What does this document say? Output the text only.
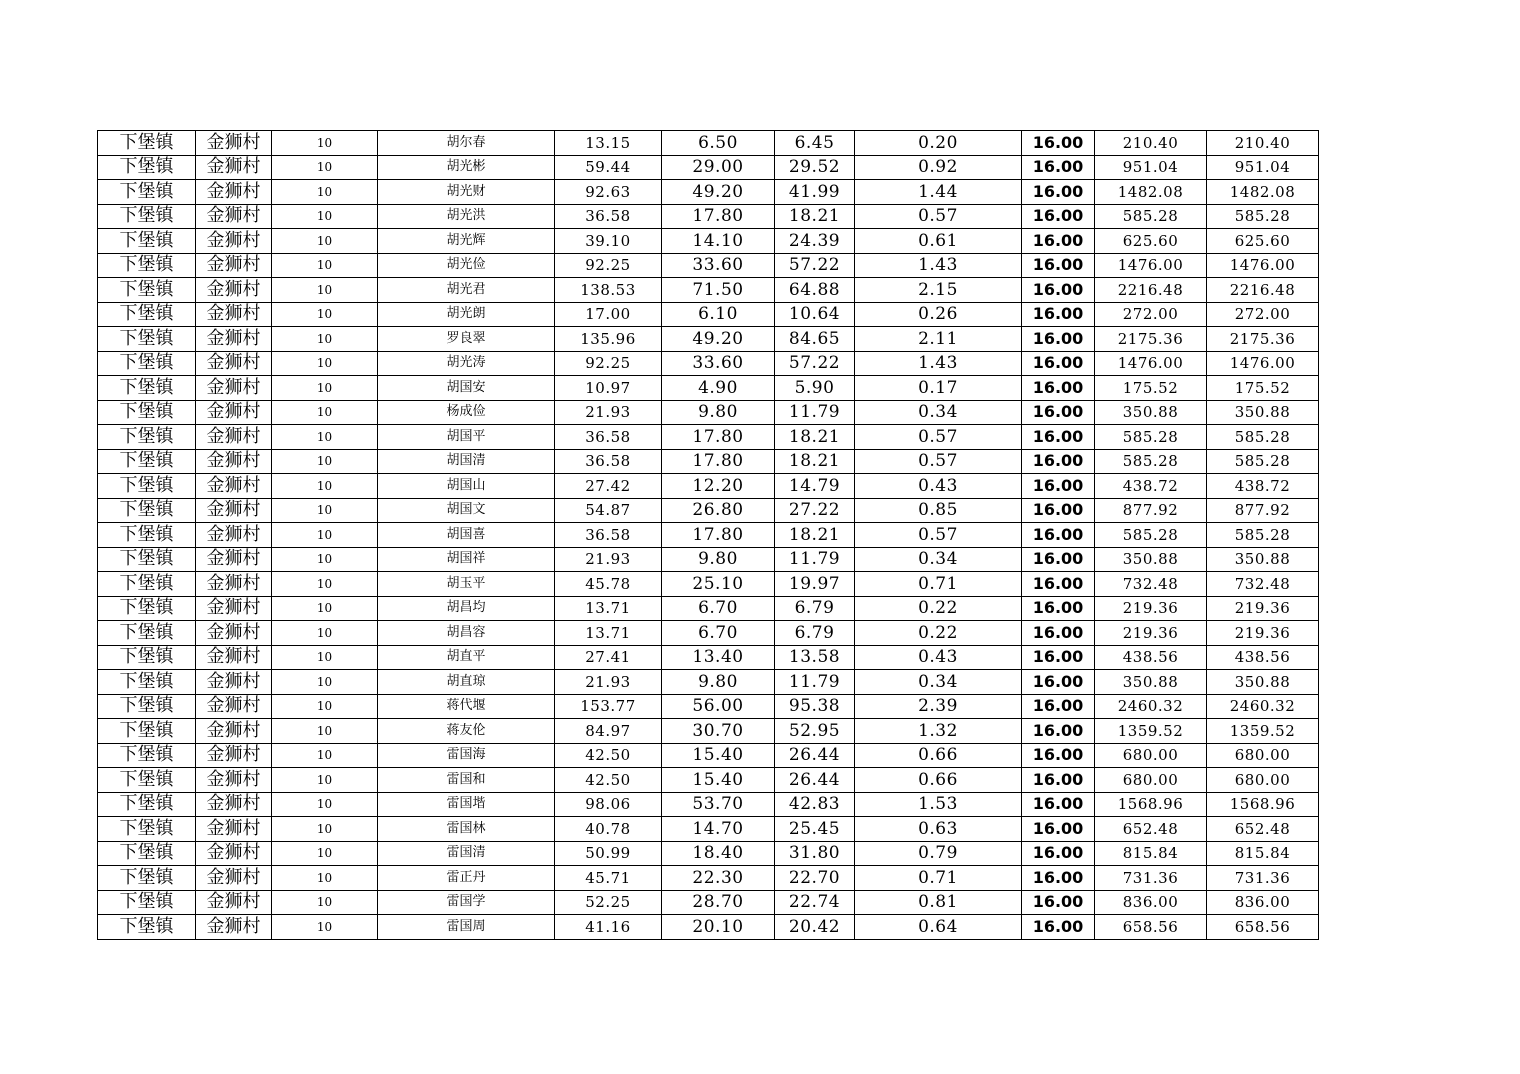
下堡镇	金狮村	10	胡尔春	13.15	6.50	6.45	0.20	16.00	210.40	210.40
下堡镇	金狮村	10	胡光彬	59.44	29.00	29.52	0.92	16.00	951.04	951.04
下堡镇	金狮村	10	胡光财	92.63	49.20	41.99	1.44	16.00	1482.08	1482.08
下堡镇	金狮村	10	胡光洪	36.58	17.80	18.21	0.57	16.00	585.28	585.28
下堡镇	金狮村	10	胡光辉	39.10	14.10	24.39	0.61	16.00	625.60	625.60
下堡镇	金狮村	10	胡光俭	92.25	33.60	57.22	1.43	16.00	1476.00	1476.00
下堡镇	金狮村	10	胡光君	138.53	71.50	64.88	2.15	16.00	2216.48	2216.48
下堡镇	金狮村	10	胡光朗	17.00	6.10	10.64	0.26	16.00	272.00	272.00
下堡镇	金狮村	10	罗良翠	135.96	49.20	84.65	2.11	16.00	2175.36	2175.36
下堡镇	金狮村	10	胡光涛	92.25	33.60	57.22	1.43	16.00	1476.00	1476.00
下堡镇	金狮村	10	胡国安	10.97	4.90	5.90	0.17	16.00	175.52	175.52
下堡镇	金狮村	10	杨成俭	21.93	9.80	11.79	0.34	16.00	350.88	350.88
下堡镇	金狮村	10	胡国平	36.58	17.80	18.21	0.57	16.00	585.28	585.28
下堡镇	金狮村	10	胡国清	36.58	17.80	18.21	0.57	16.00	585.28	585.28
下堡镇	金狮村	10	胡国山	27.42	12.20	14.79	0.43	16.00	438.72	438.72
下堡镇	金狮村	10	胡国文	54.87	26.80	27.22	0.85	16.00	877.92	877.92
下堡镇	金狮村	10	胡国喜	36.58	17.80	18.21	0.57	16.00	585.28	585.28
下堡镇	金狮村	10	胡国祥	21.93	9.80	11.79	0.34	16.00	350.88	350.88
下堡镇	金狮村	10	胡玉平	45.78	25.10	19.97	0.71	16.00	732.48	732.48
下堡镇	金狮村	10	胡昌均	13.71	6.70	6.79	0.22	16.00	219.36	219.36
下堡镇	金狮村	10	胡昌容	13.71	6.70	6.79	0.22	16.00	219.36	219.36
下堡镇	金狮村	10	胡直平	27.41	13.40	13.58	0.43	16.00	438.56	438.56
下堡镇	金狮村	10	胡直琼	21.93	9.80	11.79	0.34	16.00	350.88	350.88
下堡镇	金狮村	10	蒋代堰	153.77	56.00	95.38	2.39	16.00	2460.32	2460.32
下堡镇	金狮村	10	蒋友伦	84.97	30.70	52.95	1.32	16.00	1359.52	1359.52
下堡镇	金狮村	10	雷国海	42.50	15.40	26.44	0.66	16.00	680.00	680.00
下堡镇	金狮村	10	雷国和	42.50	15.40	26.44	0.66	16.00	680.00	680.00
下堡镇	金狮村	10	雷国堦	98.06	53.70	42.83	1.53	16.00	1568.96	1568.96
下堡镇	金狮村	10	雷国林	40.78	14.70	25.45	0.63	16.00	652.48	652.48
下堡镇	金狮村	10	雷国清	50.99	18.40	31.80	0.79	16.00	815.84	815.84
下堡镇	金狮村	10	雷正丹	45.71	22.30	22.70	0.71	16.00	731.36	731.36
下堡镇	金狮村	10	雷国学	52.25	28.70	22.74	0.81	16.00	836.00	836.00
下堡镇	金狮村	10	雷国周	41.16	20.10	20.42	0.64	16.00	658.56	658.56
